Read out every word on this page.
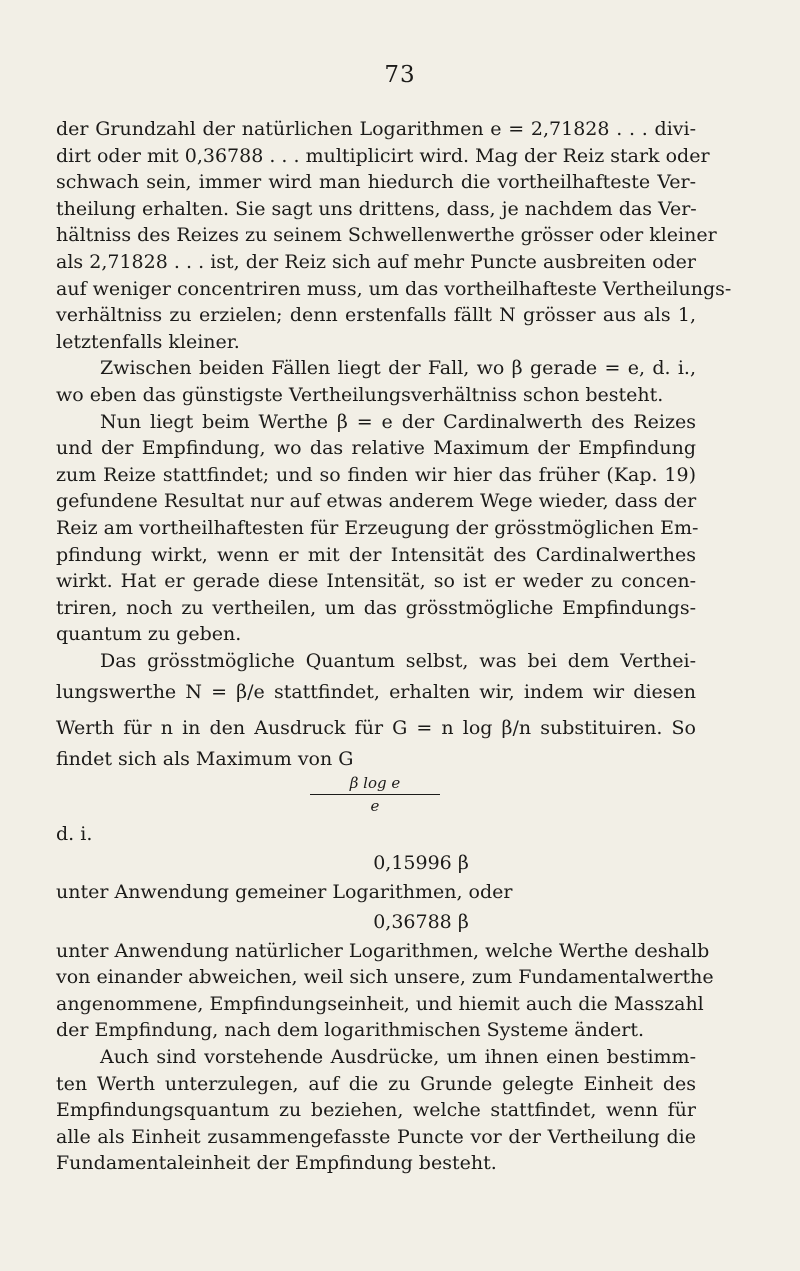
73
der Grundzahl der natürlichen Logarithmen e = 2,71828 . . . divi-
dirt oder mit 0,36788 . . . multiplicirt wird. Mag der Reiz stark oder
schwach sein, immer wird man hiedurch die vortheilhafteste Ver-
theilung erhalten. Sie sagt uns drittens, dass, je nachdem das Ver-
hältniss des Reizes zu seinem Schwellenwerthe grösser oder kleiner
als 2,71828 . . . ist, der Reiz sich auf mehr Puncte ausbreiten oder
auf weniger concentriren muss, um das vortheilhafteste Vertheilungs-
verhältniss zu erzielen; denn erstenfalls fällt N grösser aus als 1,
letztenfalls kleiner.
Zwischen beiden Fällen liegt der Fall, wo β gerade = e, d. i.,
wo eben das günstigste Vertheilungsverhältniss schon besteht.
Nun liegt beim Werthe β = e der Cardinalwerth des Reizes
und der Empfindung, wo das relative Maximum der Empfindung
zum Reize stattfindet; und so finden wir hier das früher (Kap. 19)
gefundene Resultat nur auf etwas anderem Wege wieder, dass der
Reiz am vortheilhaftesten für Erzeugung der grösstmöglichen Em-
pfindung wirkt, wenn er mit der Intensität des Cardinalwerthes
wirkt. Hat er gerade diese Intensität, so ist er weder zu concen-
triren, noch zu vertheilen, um das grösstmögliche Empfindungs-
quantum zu geben.
Das grösstmögliche Quantum selbst, was bei dem Verthei-
lungswerthe N = β/e stattfindet, erhalten wir, indem wir diesen
Werth für n in den Ausdruck für G = n log β/n substituiren. So
findet sich als Maximum von G
$\frac{\text{β log e}}{e}$
d. i.
0,15996 β
unter Anwendung gemeiner Logarithmen, oder
0,36788 β
unter Anwendung natürlicher Logarithmen, welche Werthe deshalb
von einander abweichen, weil sich unsere, zum Fundamentalwerthe
angenommene, Empfindungseinheit, und hiemit auch die Masszahl
der Empfindung, nach dem logarithmischen Systeme ändert.
Auch sind vorstehende Ausdrücke, um ihnen einen bestimm-
ten Werth unterzulegen, auf die zu Grunde gelegte Einheit des
Empfindungsquantum zu beziehen, welche stattfindet, wenn für
alle als Einheit zusammengefasste Puncte vor der Vertheilung die
Fundamentaleinheit der Empfindung besteht.
